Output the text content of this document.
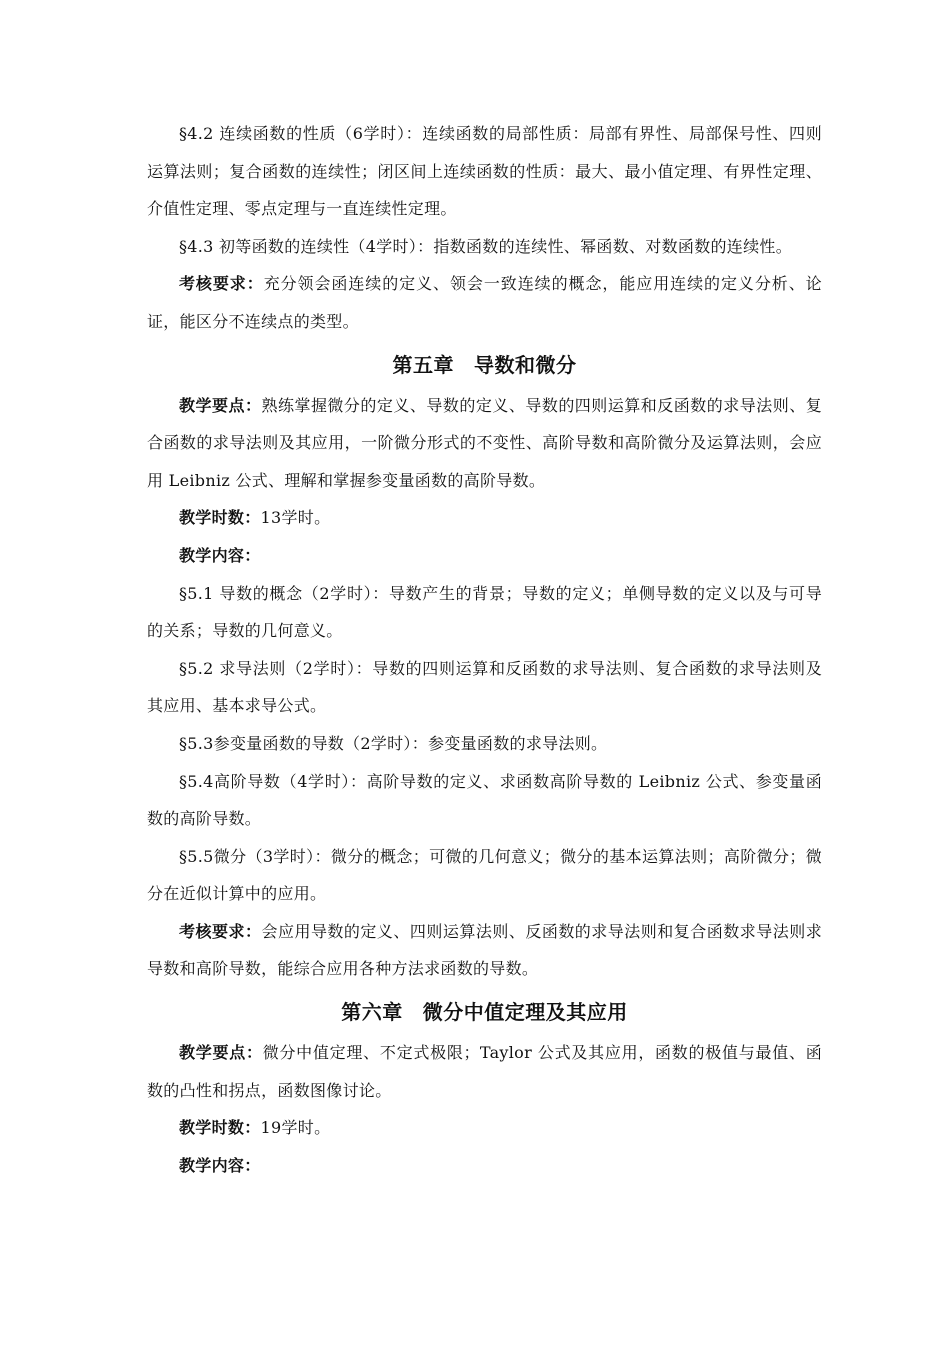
§4.2 连续函数的性质（6学时）：连续函数的局部性质：局部有界性、局部保号性、四则运算法则；复合函数的连续性；闭区间上连续函数的性质：最大、最小值定理、有界性定理、介值性定理、零点定理与一直连续性定理。

§4.3 初等函数的连续性（4学时）：指数函数的连续性、幂函数、对数函数的连续性。

考核要求：充分领会函连续的定义、领会一致连续的概念，能应用连续的定义分析、论证，能区分不连续点的类型。

第五章 导数和微分

教学要点：熟练掌握微分的定义、导数的定义、导数的四则运算和反函数的求导法则、复合函数的求导法则及其应用，一阶微分形式的不变性、高阶导数和高阶微分及运算法则，会应用 Leibniz 公式、理解和掌握参变量函数的高阶导数。

教学时数：13学时。

教学内容：

§5.1 导数的概念（2学时）：导数产生的背景；导数的定义；单侧导数的定义以及与可导的关系；导数的几何意义。

§5.2 求导法则（2学时）：导数的四则运算和反函数的求导法则、复合函数的求导法则及其应用、基本求导公式。

§5.3参变量函数的导数（2学时）：参变量函数的求导法则。

§5.4高阶导数（4学时）：高阶导数的定义、求函数高阶导数的 Leibniz 公式、参变量函数的高阶导数。

§5.5微分（3学时）：微分的概念；可微的几何意义；微分的基本运算法则；高阶微分；微分在近似计算中的应用。

考核要求：会应用导数的定义、四则运算法则、反函数的求导法则和复合函数求导法则求导数和高阶导数，能综合应用各种方法求函数的导数。

第六章 微分中值定理及其应用

教学要点：微分中值定理、不定式极限；Taylor 公式及其应用，函数的极值与最值、函数的凸性和拐点，函数图像讨论。

教学时数：19学时。

教学内容：
